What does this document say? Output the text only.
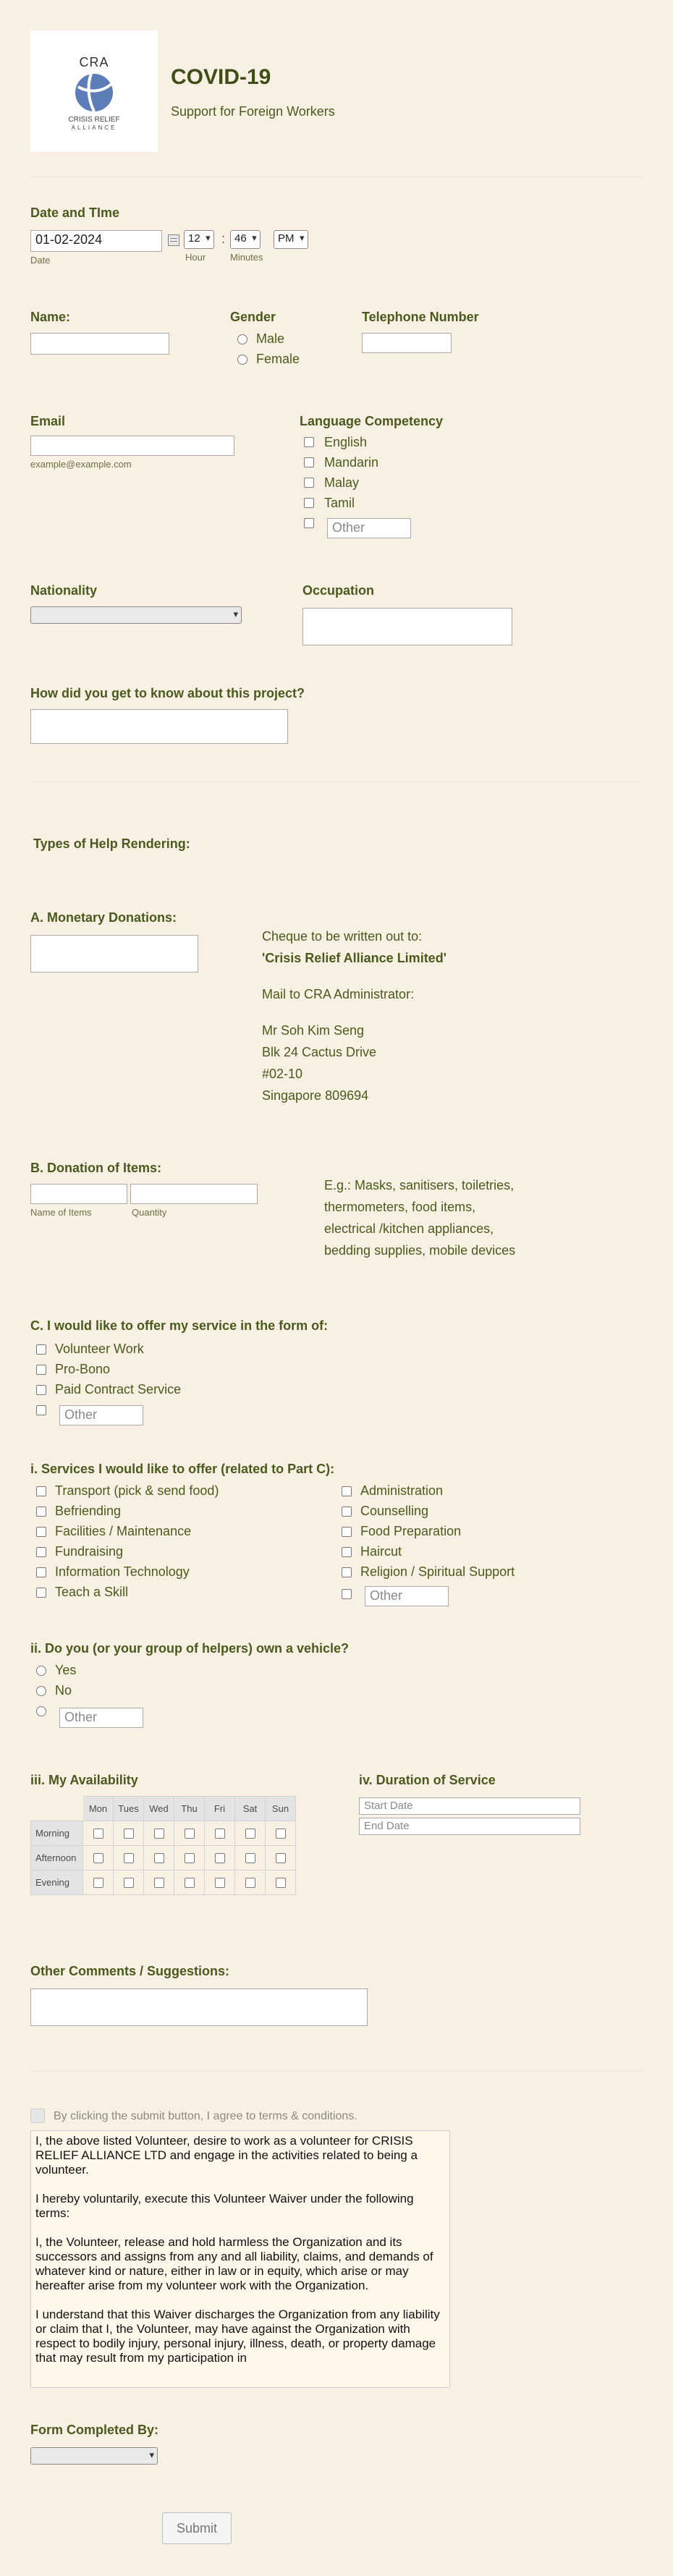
CRA
CRISIS RELIEF
ALLIANCE
COVID-19
Support for Foreign Workers
Date and TIme
01-02-2024
Date
12 ▾	:
Hour
46 ▾
Minutes
PM ▾
Name:	Gender
Male
Female
Telephone Number
Email
example@example.com
Language Competency
English
Mandarin
Malay
Tamil
Other
Nationality
▾	Occupation
How did you get to know about this project?
Types of Help Rendering:
A. Monetary Donations:
Cheque to be written out to:
'Crisis Relief Alliance Limited'
Mail to CRA Administrator:
Mr Soh Kim Seng
Blk 24 Cactus Drive
#02-10
Singapore 809694
B. Donation of Items:
Name of Items	Quantity
E.g.: Masks, sanitisers, toiletries,
thermometers, food items,
electrical /kitchen appliances,
bedding supplies, mobile devices
C. I would like to offer my service in the form of:
Volunteer Work
Pro-Bono
Paid Contract Service
Other
i. Services I would like to offer (related to Part C):
Transport (pick & send food)
Befriending
Facilities / Maintenance
Fundraising
Information Technology
Teach a Skill
Administration
Counselling
Food Preparation
Haircut
Religion / Spiritual Support
Other
ii. Do you (or your group of helpers) own a vehicle?
Yes
No
Other
iii. My Availability
	Mon	Tues	Wed	Thu	Fri	Sat	Sun
Morning							
Afternoon							
Evening							
iv. Duration of Service
Start Date
End Date
Other Comments / Suggestions:
By clicking the submit button, I agree to terms & conditions.

I, the above listed Volunteer, desire to work as a volunteer for CRISIS RELIEF ALLIANCE LTD and engage in the activities related to being a volunteer.

I hereby voluntarily, execute this Volunteer Waiver under the following terms:

I, the Volunteer, release and hold harmless the Organization and its successors and assigns from any and all liability, claims, and demands of whatever kind or nature, either in law or in equity, which arise or may hereafter arise from my volunteer work with the Organization.

I understand that this Waiver discharges the Organization from any liability or claim that I, the Volunteer, may have against the Organization with respect to bodily injury, personal injury, illness, death, or property damage that may result from my participation in

Form Completed By:
▾
Submit
